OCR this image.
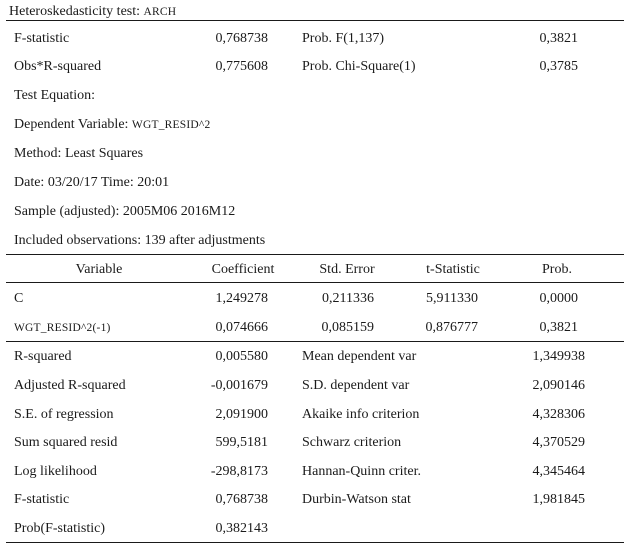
Heteroskedasticity test: ARCH
F-statistic	0,768738 Prob. F(1,137)	0,3821
Obs*R-squared	0,775608 Prob. Chi-Square(1)	0,3785
Test Equation:
Dependent Variable: WGT_RESID^2
Method: Least Squares
Date: 03/20/17 Time: 20:01
Sample (adjusted): 2005M06 2016M12
Included observations: 139 after adjustments
Variable	Coefficient	Std. Error	t-Statistic	Prob.
C	1,249278	0,211336	5,911330	0,0000
WGT_RESID^2(-1)	0,074666	0,085159	0,876777	0,3821
R-squared	0,005580 Mean dependent var	1,349938
Adjusted R-squared	-0,001679 S.D. dependent var	2,090146
S.E. of regression	2,091900 Akaike info criterion	4,328306
Sum squared resid	599,5181 Schwarz criterion	4,370529
Log likelihood	-298,8173 Hannan-Quinn criter.	4,345464
F-statistic	0,768738 Durbin-Watson stat	1,981845
Prob(F-statistic)	0,382143
